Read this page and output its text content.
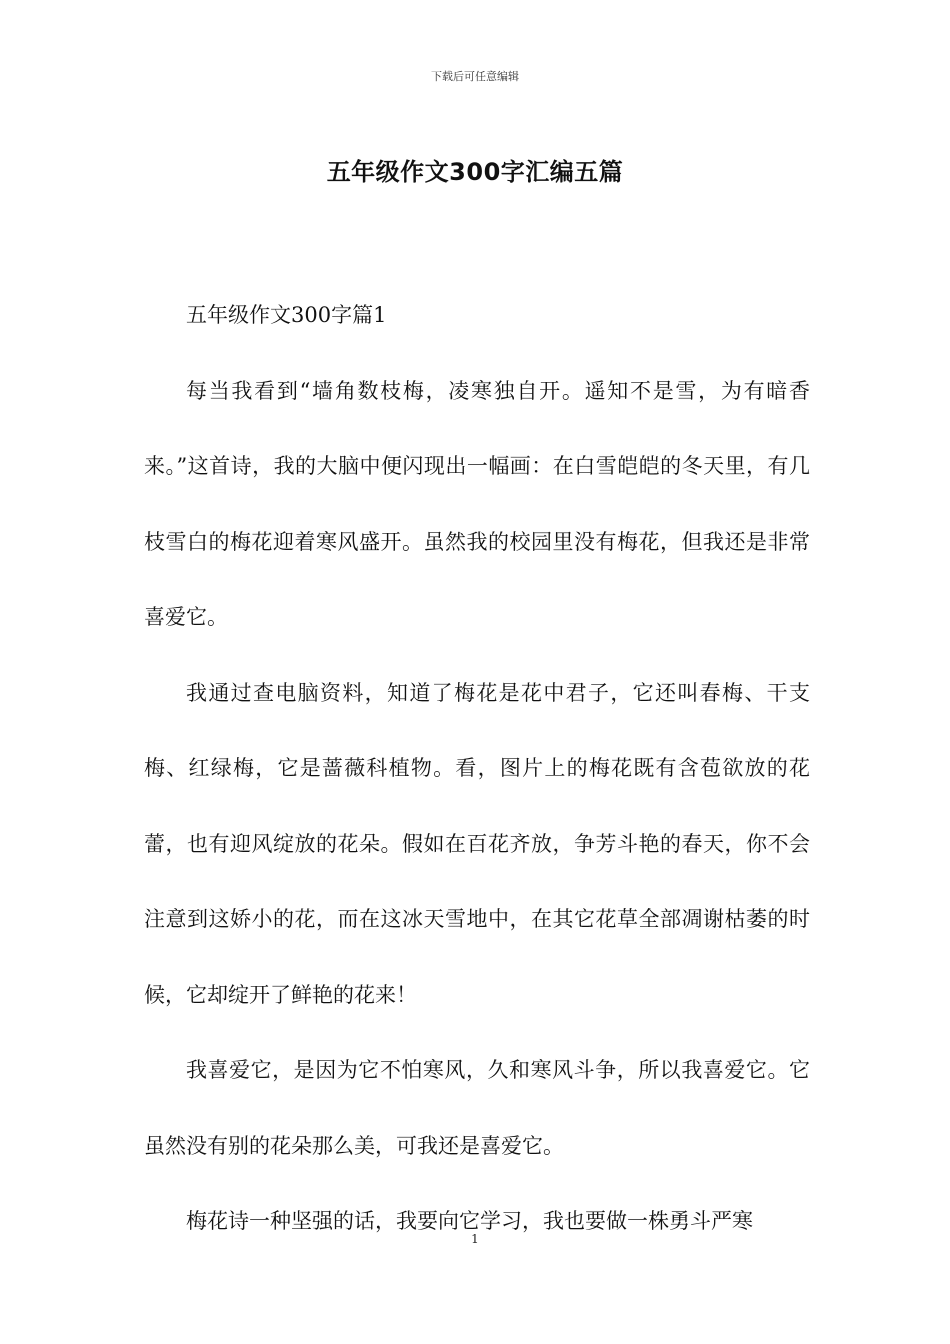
下载后可任意编辑
五年级作文300字汇编五篇

五年级作文300字篇1

每当我看到“墙角数枝梅，凌寒独自开。遥知不是雪，为有暗香来。”这首诗，我的大脑中便闪现出一幅画：在白雪皑皑的冬天里，有几枝雪白的梅花迎着寒风盛开。虽然我的校园里没有梅花，但我还是非常喜爱它。

我通过查电脑资料，知道了梅花是花中君子，它还叫春梅、干支梅、红绿梅，它是蔷薇科植物。看，图片上的梅花既有含苞欲放的花蕾，也有迎风绽放的花朵。假如在百花齐放，争芳斗艳的春天，你不会注意到这娇小的花，而在这冰天雪地中，在其它花草全部凋谢枯萎的时候，它却绽开了鲜艳的花来！

我喜爱它，是因为它不怕寒风，久和寒风斗争，所以我喜爱它。它虽然没有别的花朵那么美，可我还是喜爱它。

梅花诗一种坚强的话，我要向它学习，我也要做一株勇斗严寒

1
